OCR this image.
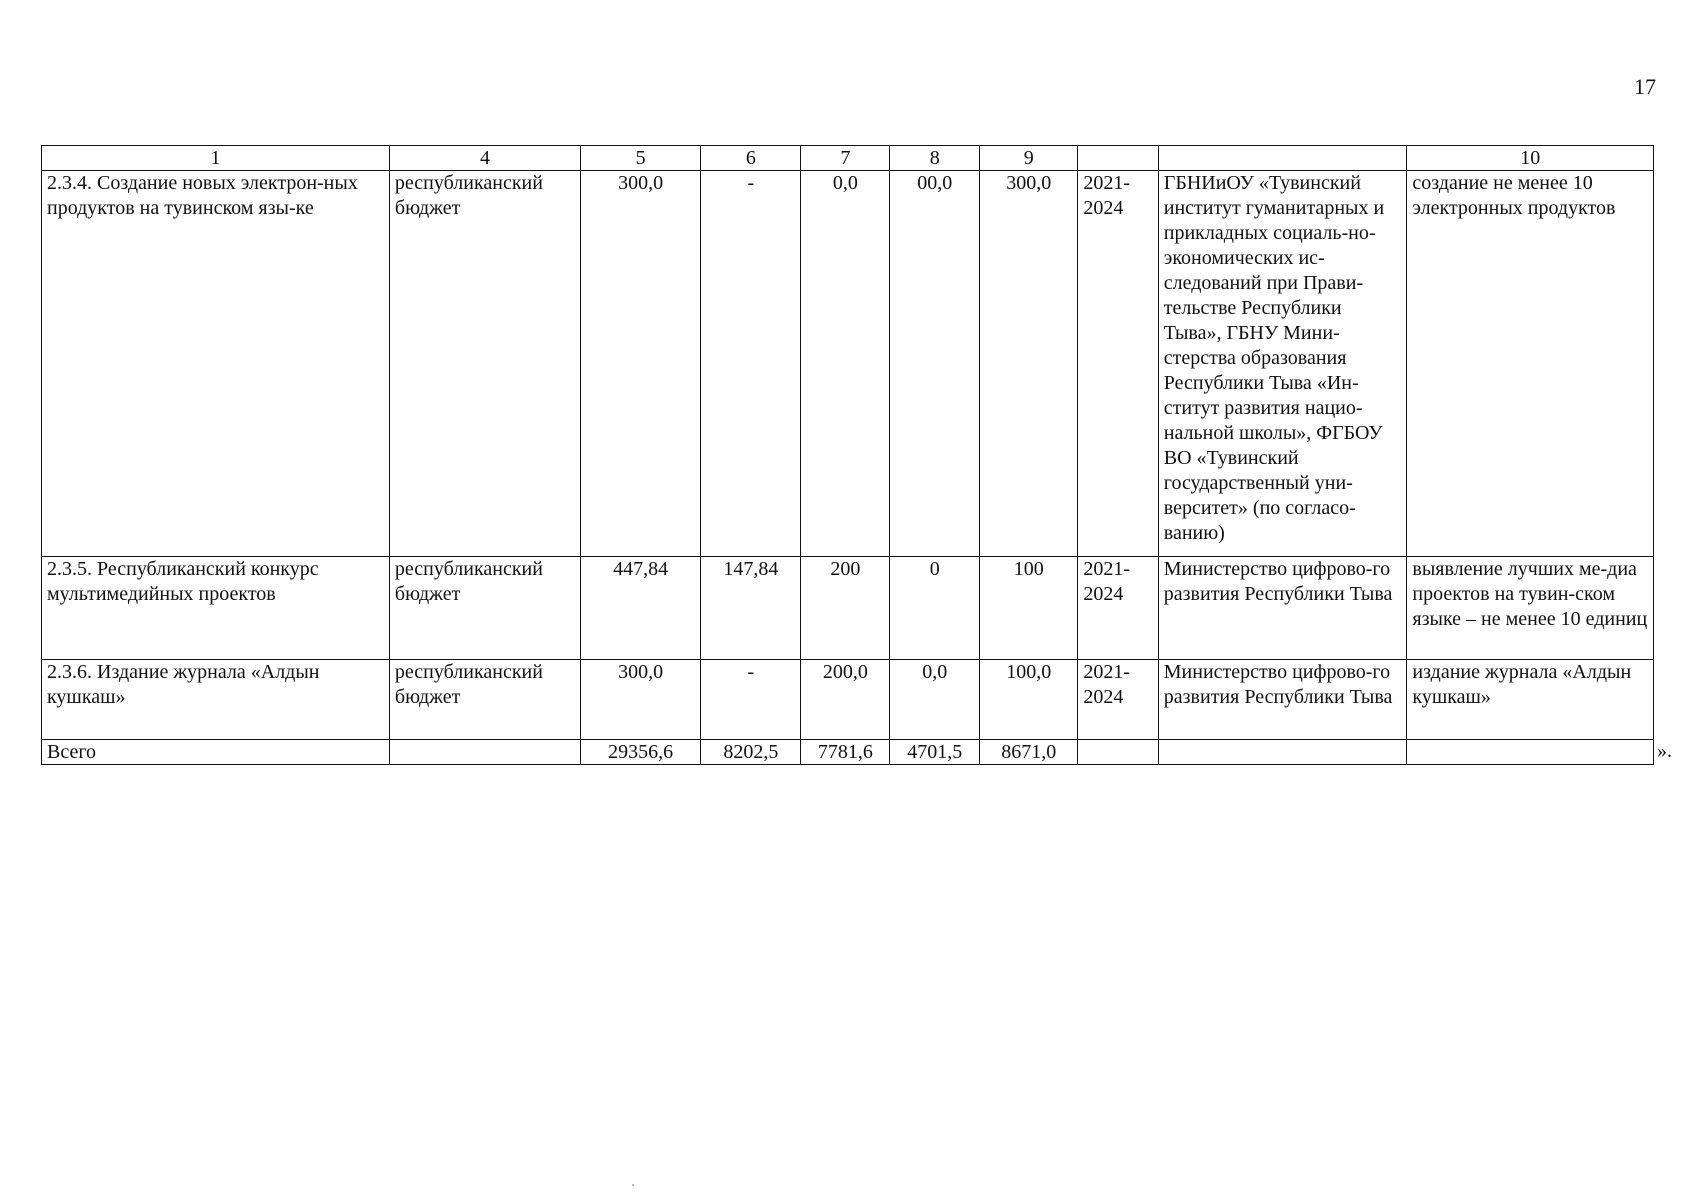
17
1	4	5	6	7	8	9			10
2.3.4. Создание новых электрон-ных продуктов на тувинском язы-ке	республиканский бюджет	300,0	-	0,0	00,0	300,0	2021-2024	ГБНИиОУ «Тувинский институт гуманитарных и прикладных социаль-но-экономических ис-следований при Прави-тельстве Республики Тыва», ГБНУ Мини-стерства образования Республики Тыва «Ин-ститут развития нацио-нальной школы», ФГБОУ ВО «Тувинский государственный уни-верситет» (по согласо-ванию)	создание не менее 10 электронных продуктов
2.3.5. Республиканский конкурс мультимедийных проектов	республиканский бюджет	447,84	147,84	200	0	100	2021-2024	Министерство цифрово-го развития Республики Тыва	выявление лучших ме-диа проектов на тувин-ском языке – не менее 10 единиц
2.3.6. Издание журнала «Алдын кушкаш»	республиканский бюджет	300,0	-	200,0	0,0	100,0	2021-2024	Министерство цифрово-го развития Республики Тыва	издание журнала «Алдын кушкаш»
Всего		29356,6	8202,5	7781,6	4701,5	8671,0				».
